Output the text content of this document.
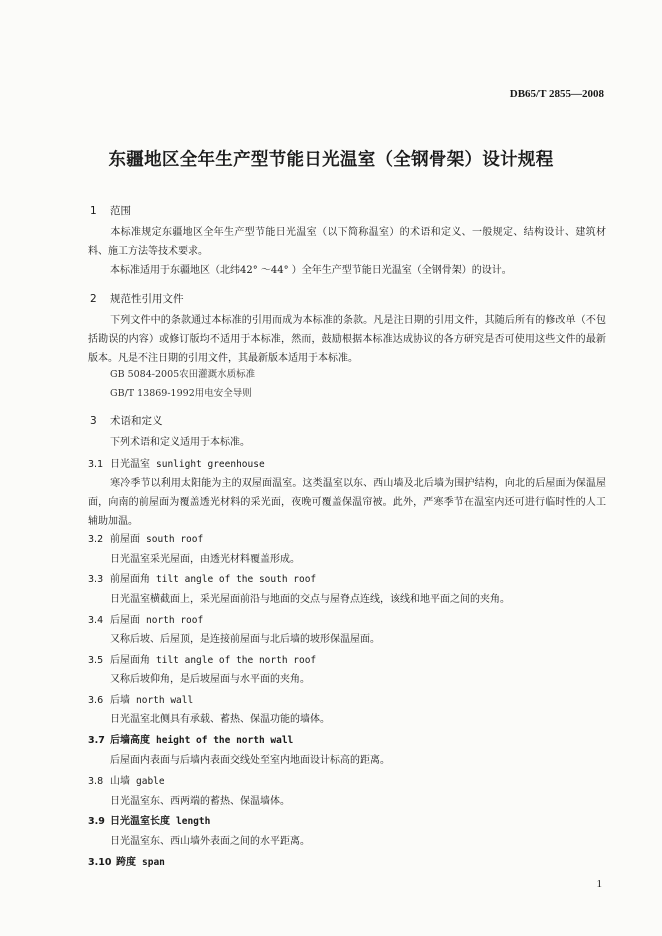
DB65/T 2855—2008
东疆地区全年生产型节能日光温室（全钢骨架）设计规程
1 范围
本标准规定东疆地区全年生产型节能日光温室（以下简称温室）的术语和定义、一般规定、结构设计、建筑材料、施工方法等技术要求。
本标准适用于东疆地区（北纬42° ～44° ）全年生产型节能日光温室（全钢骨架）的设计。
2 规范性引用文件
下列文件中的条款通过本标准的引用而成为本标准的条款。凡是注日期的引用文件，其随后所有的修改单（不包括勘误的内容）或修订版均不适用于本标准，然而，鼓励根据本标准达成协议的各方研究是否可使用这些文件的最新版本。凡是不注日期的引用文件，其最新版本适用于本标准。
GB 5084-2005农田灌溉水质标准
GB/T 13869-1992用电安全导则
3 术语和定义
下列术语和定义适用于本标准。
3.1 日光温室 sunlight greenhouse
寒冷季节以利用太阳能为主的双屋面温室。这类温室以东、西山墙及北后墙为围护结构，向北的后屋面为保温屋面，向南的前屋面为覆盖透光材料的采光面，夜晚可覆盖保温帘被。此外，严寒季节在温室内还可进行临时性的人工辅助加温。
3.2 前屋面 south roof
日光温室采光屋面，由透光材料覆盖形成。
3.3 前屋面角 tilt angle of the south roof
日光温室横截面上，采光屋面前沿与地面的交点与屋脊点连线，该线和地平面之间的夹角。
3.4 后屋面 north roof
又称后坡、后屋顶，是连接前屋面与北后墙的坡形保温屋面。
3.5 后屋面角 tilt angle of the north roof
又称后坡仰角，是后坡屋面与水平面的夹角。
3.6 后墙 north wall
日光温室北侧具有承载、蓄热、保温功能的墙体。
3.7 后墙高度 height of the north wall
后屋面内表面与后墙内表面交线处至室内地面设计标高的距离。
3.8 山墙 gable
日光温室东、西两端的蓄热、保温墙体。
3.9 日光温室长度 length
日光温室东、西山墙外表面之间的水平距离。
3.10 跨度 span
1
